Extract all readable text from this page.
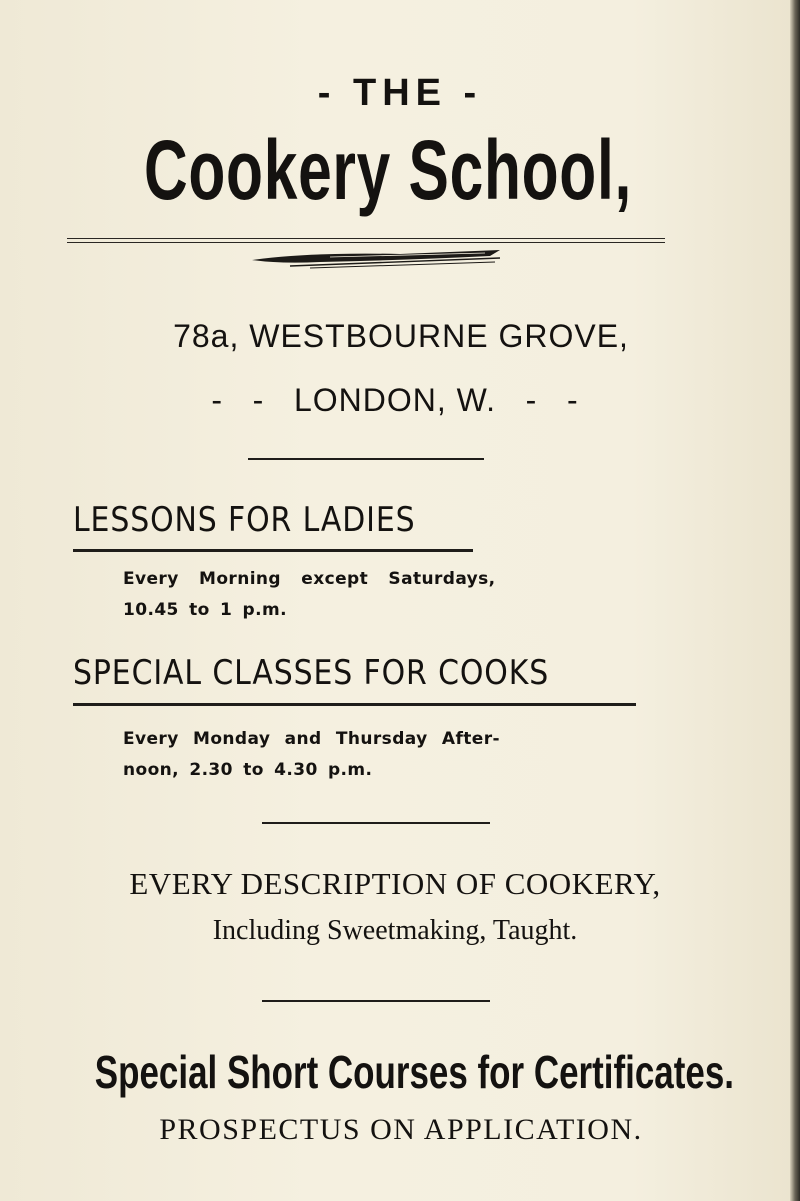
- THE -
Cookery School,
78a, WESTBOURNE GROVE,
-   -   LONDON, W.   -   -
LESSONS FOR LADIES
Every Morning except Saturdays,
10.45 to 1 p.m.
SPECIAL CLASSES FOR COOKS
Every Monday and Thursday After-
noon, 2.30 to 4.30 p.m.
EVERY DESCRIPTION OF COOKERY,
Including Sweetmaking, Taught.
Special Short Courses for Certificates.
PROSPECTUS ON APPLICATION.
